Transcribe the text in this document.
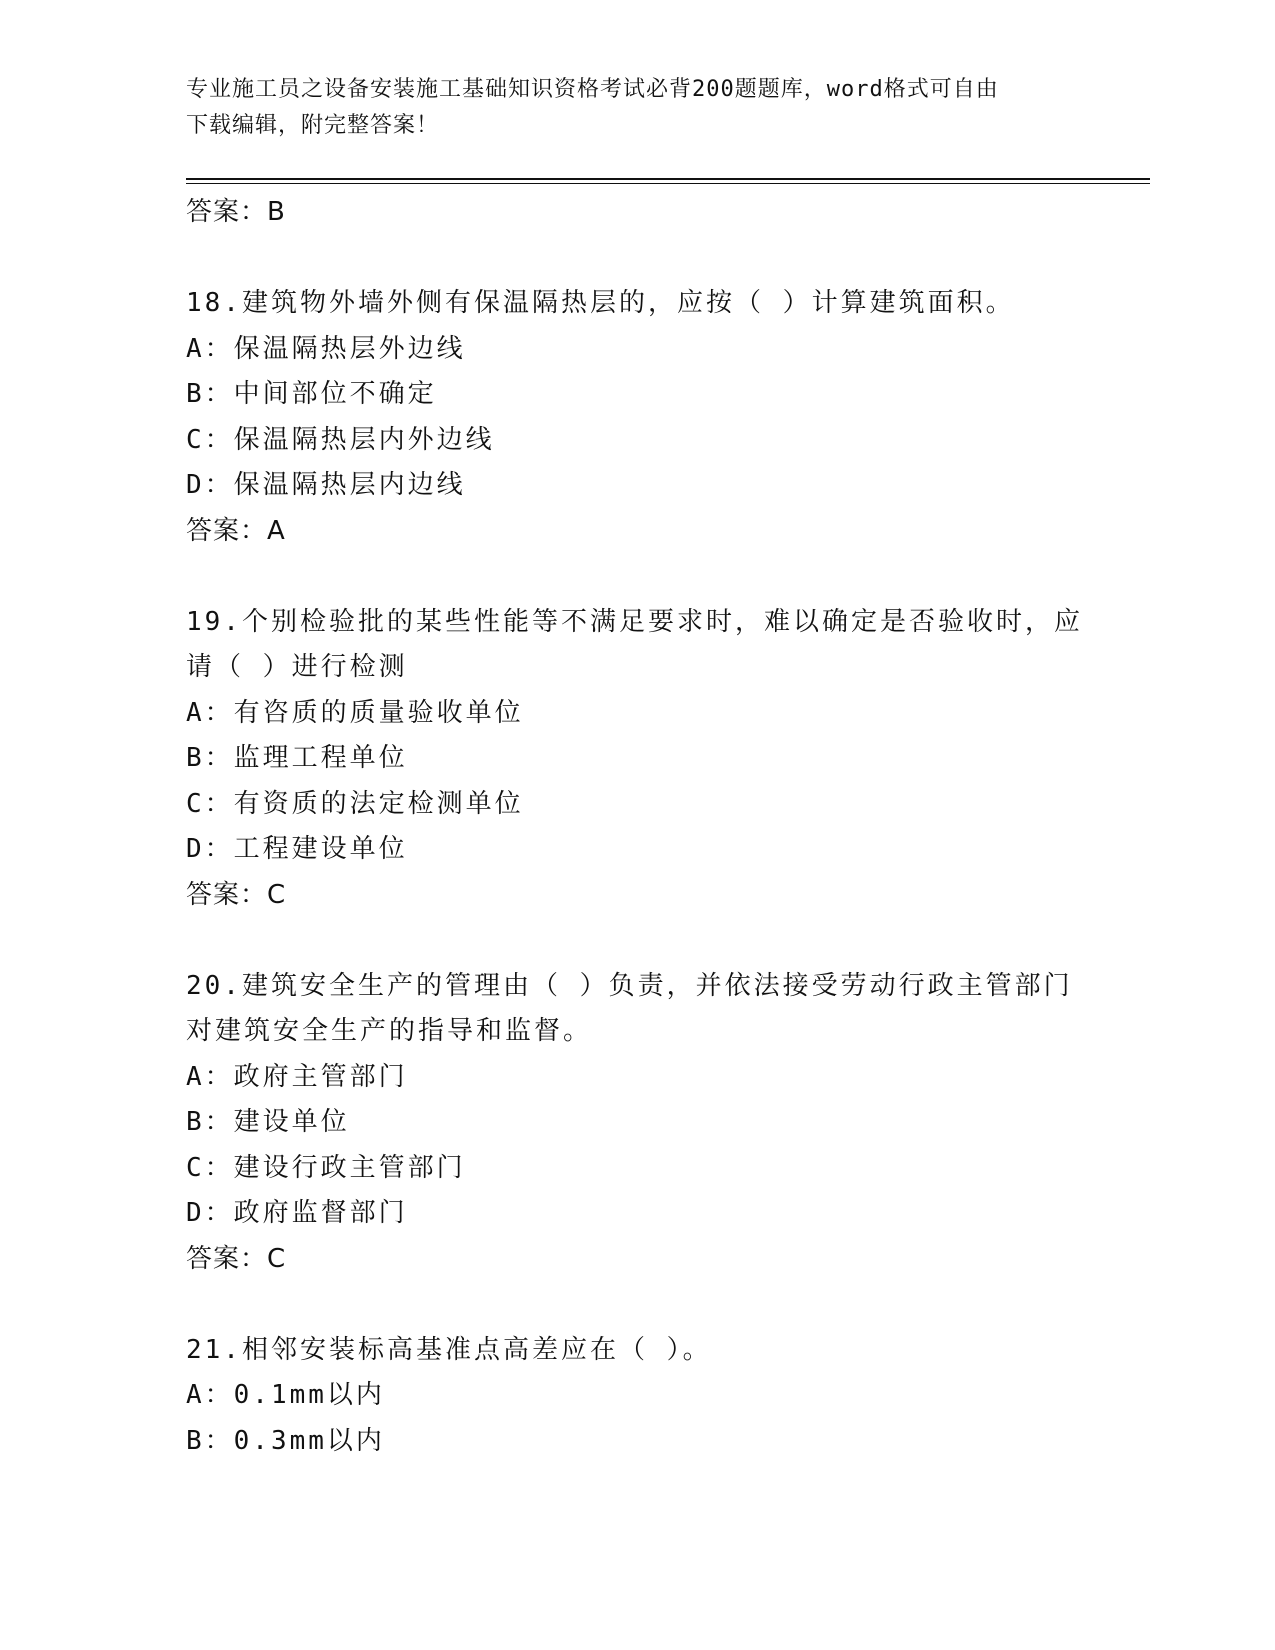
专业施工员之设备安装施工基础知识资格考试必背200题题库，word格式可自由
下载编辑，附完整答案！
答案：B
18.建筑物外墙外侧有保温隔热层的，应按（ ）计算建筑面积。
A：保温隔热层外边线
B：中间部位不确定
C：保温隔热层内外边线
D：保温隔热层内边线
答案：A
19.个别检验批的某些性能等不满足要求时，难以确定是否验收时，应
请（ ）进行检测
A：有咨质的质量验收单位
B：监理工程单位
C：有资质的法定检测单位
D：工程建设单位
答案：C
20.建筑安全生产的管理由（ ）负责，并依法接受劳动行政主管部门
对建筑安全生产的指导和监督。
A：政府主管部门
B：建设单位
C：建设行政主管部门
D：政府监督部门
答案：C
21.相邻安装标高基准点高差应在（ ）。
A：0.1mm以内
B：0.3mm以内
